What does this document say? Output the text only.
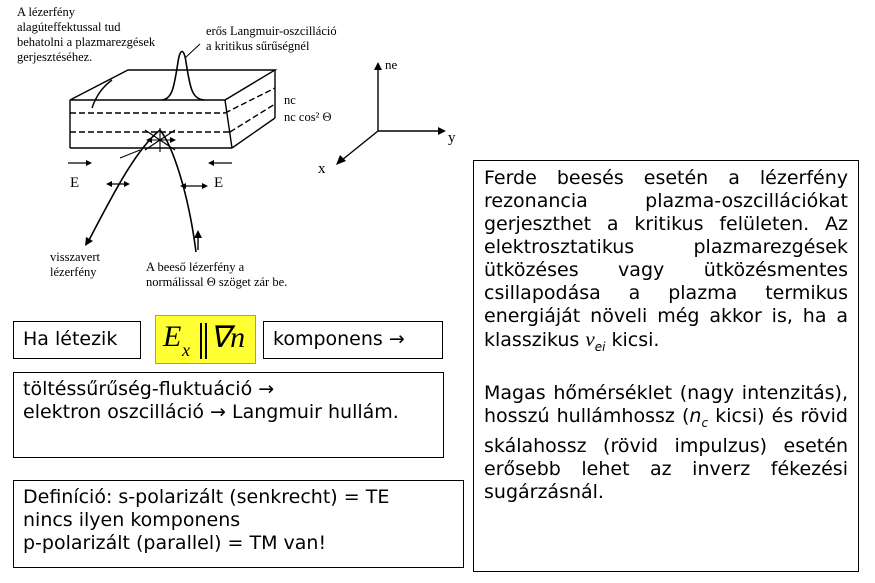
A lézerfény
alagúteffektussal tud
behatolni a plazmarezgések
gerjesztéséhez.
erős Langmuir-oszcilláció
a kritikus sűrűségnél
nc
nc cos² Θ
E	E
visszavert
lézerfény	A beeső lézerfény a
normálissal Θ szöget zár be.
ne
y
x
Ha létezik	E x ∇n	komponens →
töltéssűrűség-fluktuáció →
elektron oszcilláció → Langmuir hullám.
Definíció: s-polarizált (senkrecht) = TE
nincs ilyen komponens
p-polarizált (parallel) = TM van!

Ferde beesés esetén a lézerfény rezonancia plazma-oszcillációkat gerjeszthet a kritikus felületen. Az elektrosztatikus plazmarezgések ütközéses vagy ütközésmentes csillapodása a plazma termikus energiáját növeli még akkor is, ha a klasszikus $\nu_{ei}$ kicsi.

Magas hőmérséklet (nagy intenzitás), hosszú hullámhossz ($n_c$ kicsi) és rövid skálahossz (rövid impulzus) esetén erősebb lehet az inverz fékezési sugárzásnál.
